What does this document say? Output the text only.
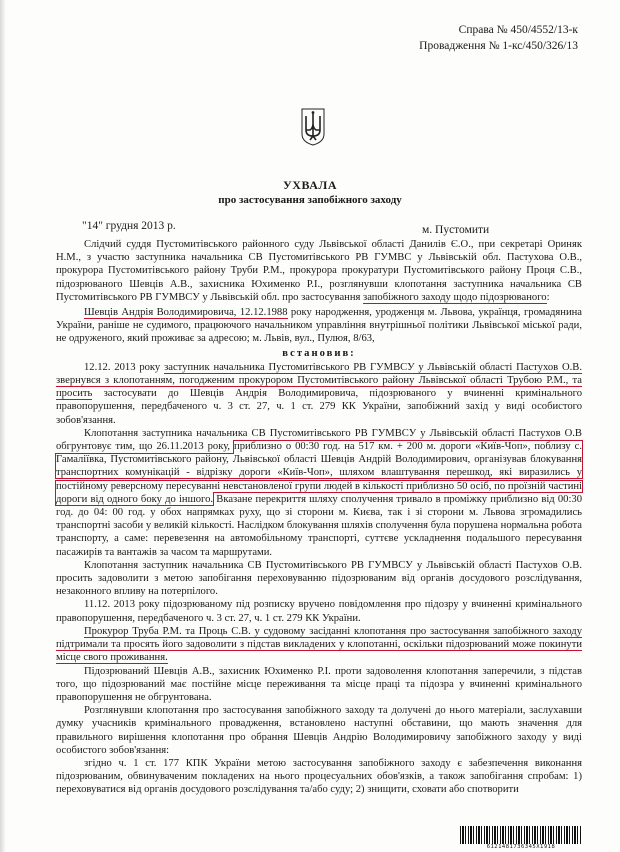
Справа № 450/4552/13-к
Провадження № 1-кс/450/326/13
УХВАЛА
про застосування запобіжного заходу
"14" грудня 2013 р.	м. Пустомити

Слідчий суддя Пустомитівського районного суду Львівської області Данилів Є.О., при секретарі Ориняк Н.М., з участю заступника начальника СВ Пустомитівського РВ ГУМВС у Львівській обл. Пастухова О.В., прокурора Пустомитівського району Труби Р.М., прокурора прокуратури Пустомитівського району Проця С.В., підозрюваного Шевців А.В., захисника Юхименко Р.І., розглянувши клопотання заступника начальника СВ Пустомитівського РВ ГУМВСУ у Львівській обл. про застосування запобіжного заходу щодо підозрюваного:

Шевців Андрія Володимировича, 12.12.1988 року народження, уродженця м. Львова, українця, громадянина України, раніше не судимого, працюючого начальником управління внутрішньої політики Львівської міської ради, не одруженого, який проживає за адресою; м. Львів, вул., Пулюя, 8/63,

встановив:

12.12. 2013 року заступник начальника Пустомитівського РВ ГУМВСУ у Львівській області Пастухов О.В. звернувся з клопотанням, погодженим прокурором Пустомитівського району Львівської області Трубою Р.М., та просить застосувати до Шевців Андрія Володимировича, підозрюваного у вчиненні кримінального правопорушення, передбаченого ч. 3 ст. 27, ч. 1 ст. 279 КК України, запобіжний захід у виді особистого зобов'язання.

Клопотання заступника начальника СВ Пустомитівського РВ ГУМВСУ у Львівській області Пастухов О.В обгрунтовує тим, що 26.11.2013 року, приблизно о 00:30 год. на 517 км. + 200 м. дороги «Київ-Чоп», поблизу с. Гамаліївка, Пустомитівського району, Львівської області Шевців Андрій Володимирович, організував блокування транспортних комунікацій - відрізку дороги «Київ-Чоп», шляхом влаштування перешкод, які виразились у постійному реверсному пересуванні невстановленої групи людей в кількості приблизно 50 осіб, по проїзній частині дороги від одного боку до іншого. Вказане перекриття шляху сполучення тривало в проміжку приблизно від 00:30 год. до 04: 00 год. у обох напрямках руху, що зі сторони м. Києва, так і зі сторони м. Львова згромадились транспортні засоби у великій кількості. Наслідком блокування шляхів сполучення була порушена нормальна робота транспорту, а саме: перевезення на автомобільному транспорті, суттєве ускладнення подальшого пересування пасажирів та вантажів за часом та маршрутами.

Клопотання заступник начальника СВ Пустомитівського РВ ГУМВСУ у Львівській області Пастухов О.В. просить задоволити з метою запобігання переховуванню підозрюваним від органів досудового розслідування, незаконного впливу на потерпілого.

11.12. 2013 року підозрюваному під розписку вручено повідомлення про підозру у вчиненні кримінального правопорушення, передбаченого ч. 3 ст. 27, ч. 1 ст. 279 КК України.

Прокурор Труба Р.М. та Проць С.В. у судовому засіданні клопотання про застосування запобіжного заходу підтримали та просять його задоволити з підстав викладених у клопотанні, оскільки підозрюваний може покинути місце свого проживання.

Підозрюваний Шевців А.В., захисник Юхименко Р.І. проти задоволення клопотання заперечили, з підстав того, що підозрюваний має постійне місце переживання та місце праці та підозра у вчиненні кримінального правопорушення не обгрунтована.

Розглянувши клопотання про застосування запобіжного заходу та долучені до нього матеріали, заслухавши думку учасників кримінального провадження, встановлено наступні обставини, що мають значення для правильного вирішення клопотання про обрання Шевців Андрію Володимировичу запобіжного заходу у виді особистого зобов'язання:

згідно ч. 1 ст. 177 КПК України метою застосування запобіжного заходу є забезпечення виконання підозрюваним, обвинуваченим покладених на нього процесуальних обов'язків, а також запобігання спробам: 1) переховуватися від органів досудового розслідування та/або суду; 2) знищити, сховати або спотворити

6121481736345X1918
